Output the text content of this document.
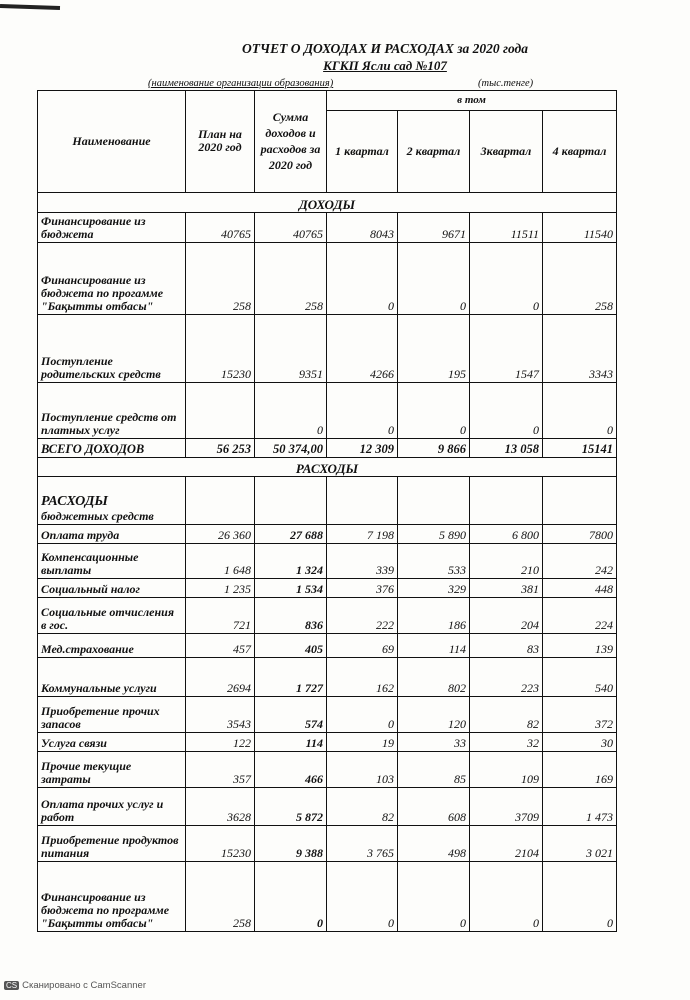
ОТЧЕТ О ДОХОДАХ И РАСХОДАХ за 2020 года
КГКП Ясли сад №107
(наименование организации образования)	(тыс.тенге)
Наименование	План на 2020 год	Сумма доходов и расходов за 2020 год	в том			
			1 квартал	2 квартал	3квартал	4 квартал
ДОХОДЫ						
Финансирование из бюджета	40765	40765	8043	9671	11511	11540
Финансирование из бюджета по прогамме "Бақытты отбасы"	258	258	0	0	0	258
Поступление родительских средств	15230	9351	4266	195	1547	3343
Поступление средств от платных услуг		0	0	0	0	0
ВСЕГО ДОХОДОВ	56 253	50 374,00	12 309	9 866	13 058	15141
РАСХОДЫ						

РАСХОДЫ
бюджетных средств						

Оплата труда	26 360	27 688	7 198	5 890	6 800	7800
Компенсационные выплаты	1 648	1 324	339	533	210	242
Социальный налог	1 235	1 534	376	329	381	448
Социальные отчисления в гос.	721	836	222	186	204	224
Мед.страхование	457	405	69	114	83	139
Коммунальные услуги	2694	1 727	162	802	223	540
Приобретение прочих запасов	3543	574	0	120	82	372
Услуга связи	122	114	19	33	32	30
Прочие текущие затраты	357	466	103	85	109	169
Оплата прочих услуг и работ	3628	5 872	82	608	3709	1 473
Приобретение продуктов питания	15230	9 388	3 765	498	2104	3 021
Финансирование из бюджета по программе "Бақытты отбасы"	258	0	0	0	0	0
CS Сканировано с CamScanner
